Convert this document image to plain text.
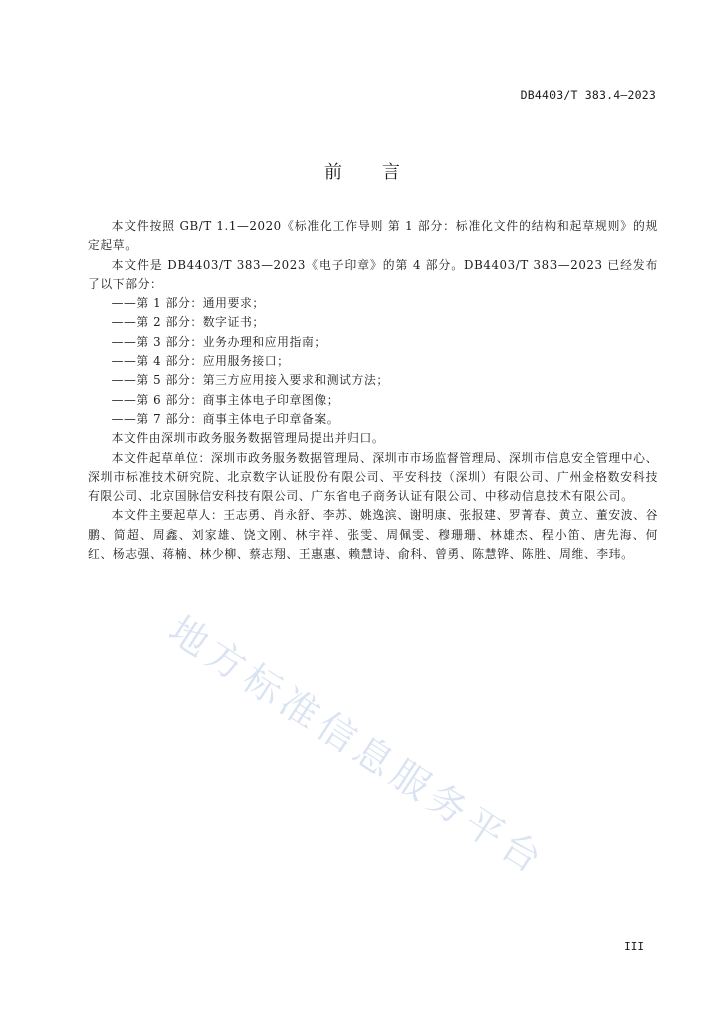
DB4403/T 383.4—2023
前 言

本文件按照 GB/T 1.1—2020《标准化工作导则 第 1 部分：标准化文件的结构和起草规则》的规定起草。

本文件是 DB4403/T 383—2023《电子印章》的第 4 部分。DB4403/T 383—2023 已经发布了以下部分：

——第 1 部分：通用要求；

——第 2 部分：数字证书；

——第 3 部分：业务办理和应用指南；

——第 4 部分：应用服务接口；

——第 5 部分：第三方应用接入要求和测试方法；

——第 6 部分：商事主体电子印章图像；

——第 7 部分：商事主体电子印章备案。

本文件由深圳市政务服务数据管理局提出并归口。

本文件起草单位：深圳市政务服务数据管理局、深圳市市场监督管理局、深圳市信息安全管理中心、深圳市标准技术研究院、北京数字认证股份有限公司、平安科技（深圳）有限公司、广州金格数安科技有限公司、北京国脉信安科技有限公司、广东省电子商务认证有限公司、中移动信息技术有限公司。

本文件主要起草人：王志勇、肖永舒、李苏、姚逸滨、谢明康、张报建、罗菁春、黄立、董安波、谷鹏、简超、周鑫、刘家雄、饶文刚、林宇祥、张雯、周佩雯、穆珊珊、林雄杰、程小笛、唐先海、何红、杨志强、蒋楠、林少柳、蔡志翔、王惠惠、赖慧诗、俞科、曾勇、陈慧铧、陈胜、周维、李玮。

地方标准信息服务平台
III
